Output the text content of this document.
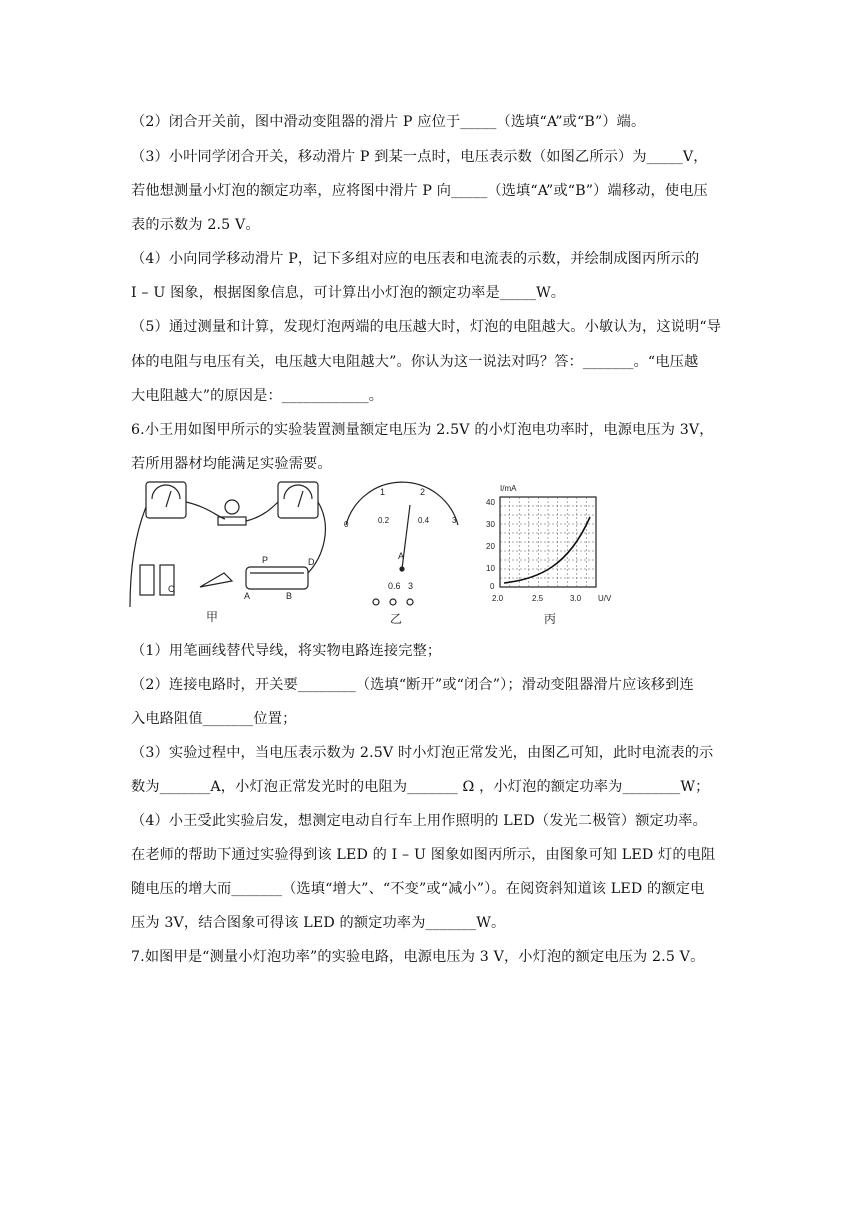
（2）闭合开关前，图中滑动变阻器的滑片 P 应位于_____（选填“A”或“B”）端。
（3）小叶同学闭合开关，移动滑片 P 到某一点时，电压表示数（如图乙所示）为_____V，
若他想测量小灯泡的额定功率，应将图中滑片 P 向_____（选填“A”或“B”）端移动，使电压
表的示数为 2.5 V。
（4）小向同学移动滑片 P，记下多组对应的电压表和电流表的示数，并绘制成图丙所示的
I – U 图象，根据图象信息，可计算出小灯泡的额定功率是_____W。
（5）通过测量和计算，发现灯泡两端的电压越大时，灯泡的电阻越大。小敏认为，这说明“导
体的电阻与电压有关，电压越大电阻越大”。你认为这一说法对吗？答：_______。“电压越
大电阻越大”的原因是：____________。
6.小王用如图甲所示的实验装置测量额定电压为 2.5V 的小灯泡电功率时，电源电压为 3V，
若所用器材均能满足实验需要。
C
D
A	B
P
甲
1	2
0	0.2	0.4	3
A
0.6 3
乙
I/mA
40
30
20
10
0
2.0	2.5	3.0 U/V
丙
（1）用笔画线替代导线，将实物电路连接完整；
（2）连接电路时，开关要________（选填“断开”或“闭合”）；滑动变阻器滑片应该移到连
入电路阻值_______位置；
（3）实验过程中，当电压表示数为 2.5V 时小灯泡正常发光，由图乙可知，此时电流表的示
数为_______A，小灯泡正常发光时的电阻为_______ Ω ，小灯泡的额定功率为________W；
（4）小王受此实验启发，想测定电动自行车上用作照明的 LED（发光二极管）额定功率。
在老师的帮助下通过实验得到该 LED 的 I – U 图象如图丙所示，由图象可知 LED 灯的电阻
随电压的增大而_______（选填“增大”、“不变”或“减小”）。在阅资斜知道该 LED 的额定电
压为 3V，结合图象可得该 LED 的额定功率为_______W。
7.如图甲是“测量小灯泡功率”的实验电路，电源电压为 3 V，小灯泡的额定电压为 2.5 V。
